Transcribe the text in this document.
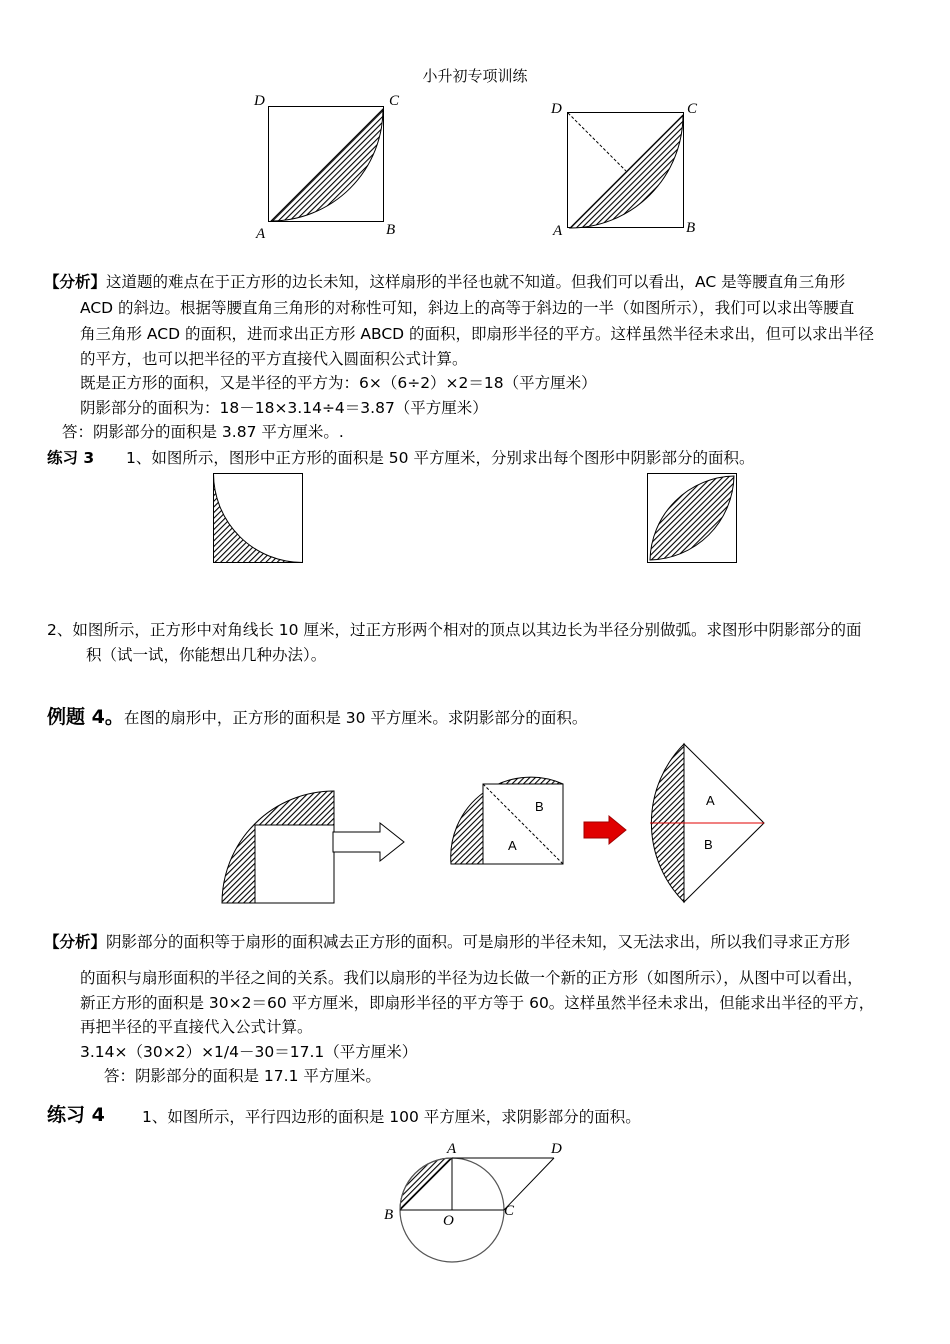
小升初专项训练
D	C
A	B
D	C
A	B
【分析】这道题的难点在于正方形的边长未知，这样扇形的半径也就不知道。但我们可以看出，AC 是等腰直角三角形
ACD 的斜边。根据等腰直角三角形的对称性可知，斜边上的高等于斜边的一半（如图所示），我们可以求出等腰直
角三角形 ACD 的面积，进而求出正方形 ABCD 的面积，即扇形半径的平方。这样虽然半径未求出，但可以求出半径
的平方，也可以把半径的平方直接代入圆面积公式计算。
既是正方形的面积，又是半径的平方为：6×（6÷2）×2＝18（平方厘米）
阴影部分的面积为：18－18×3.14÷4＝3.87（平方厘米）
答：阴影部分的面积是 3.87 平方厘米。.
练习 3 1、如图所示，图形中正方形的面积是 50 平方厘米，分别求出每个图形中阴影部分的面积。
2、如图所示，正方形中对角线长 10 厘米，过正方形两个相对的顶点以其边长为半径分别做弧。求图形中阴影部分的面
积（试一试，你能想出几种办法）。
例题 4。在图的扇形中，正方形的面积是 30 平方厘米。求阴影部分的面积。
B
A
A
B
【分析】阴影部分的面积等于扇形的面积减去正方形的面积。可是扇形的半径未知，又无法求出，所以我们寻求正方形
的面积与扇形面积的半径之间的关系。我们以扇形的半径为边长做一个新的正方形（如图所示），从图中可以看出，
新正方形的面积是 30×2＝60 平方厘米，即扇形半径的平方等于 60。这样虽然半径未求出，但能求出半径的平方，
再把半径的平直接代入公式计算。
3.14×（30×2）×1/4－30＝17.1（平方厘米）
答：阴影部分的面积是 17.1 平方厘米。
练习 4 1、如图所示，平行四边形的面积是 100 平方厘米，求阴影部分的面积。
A	D
B	C
O
